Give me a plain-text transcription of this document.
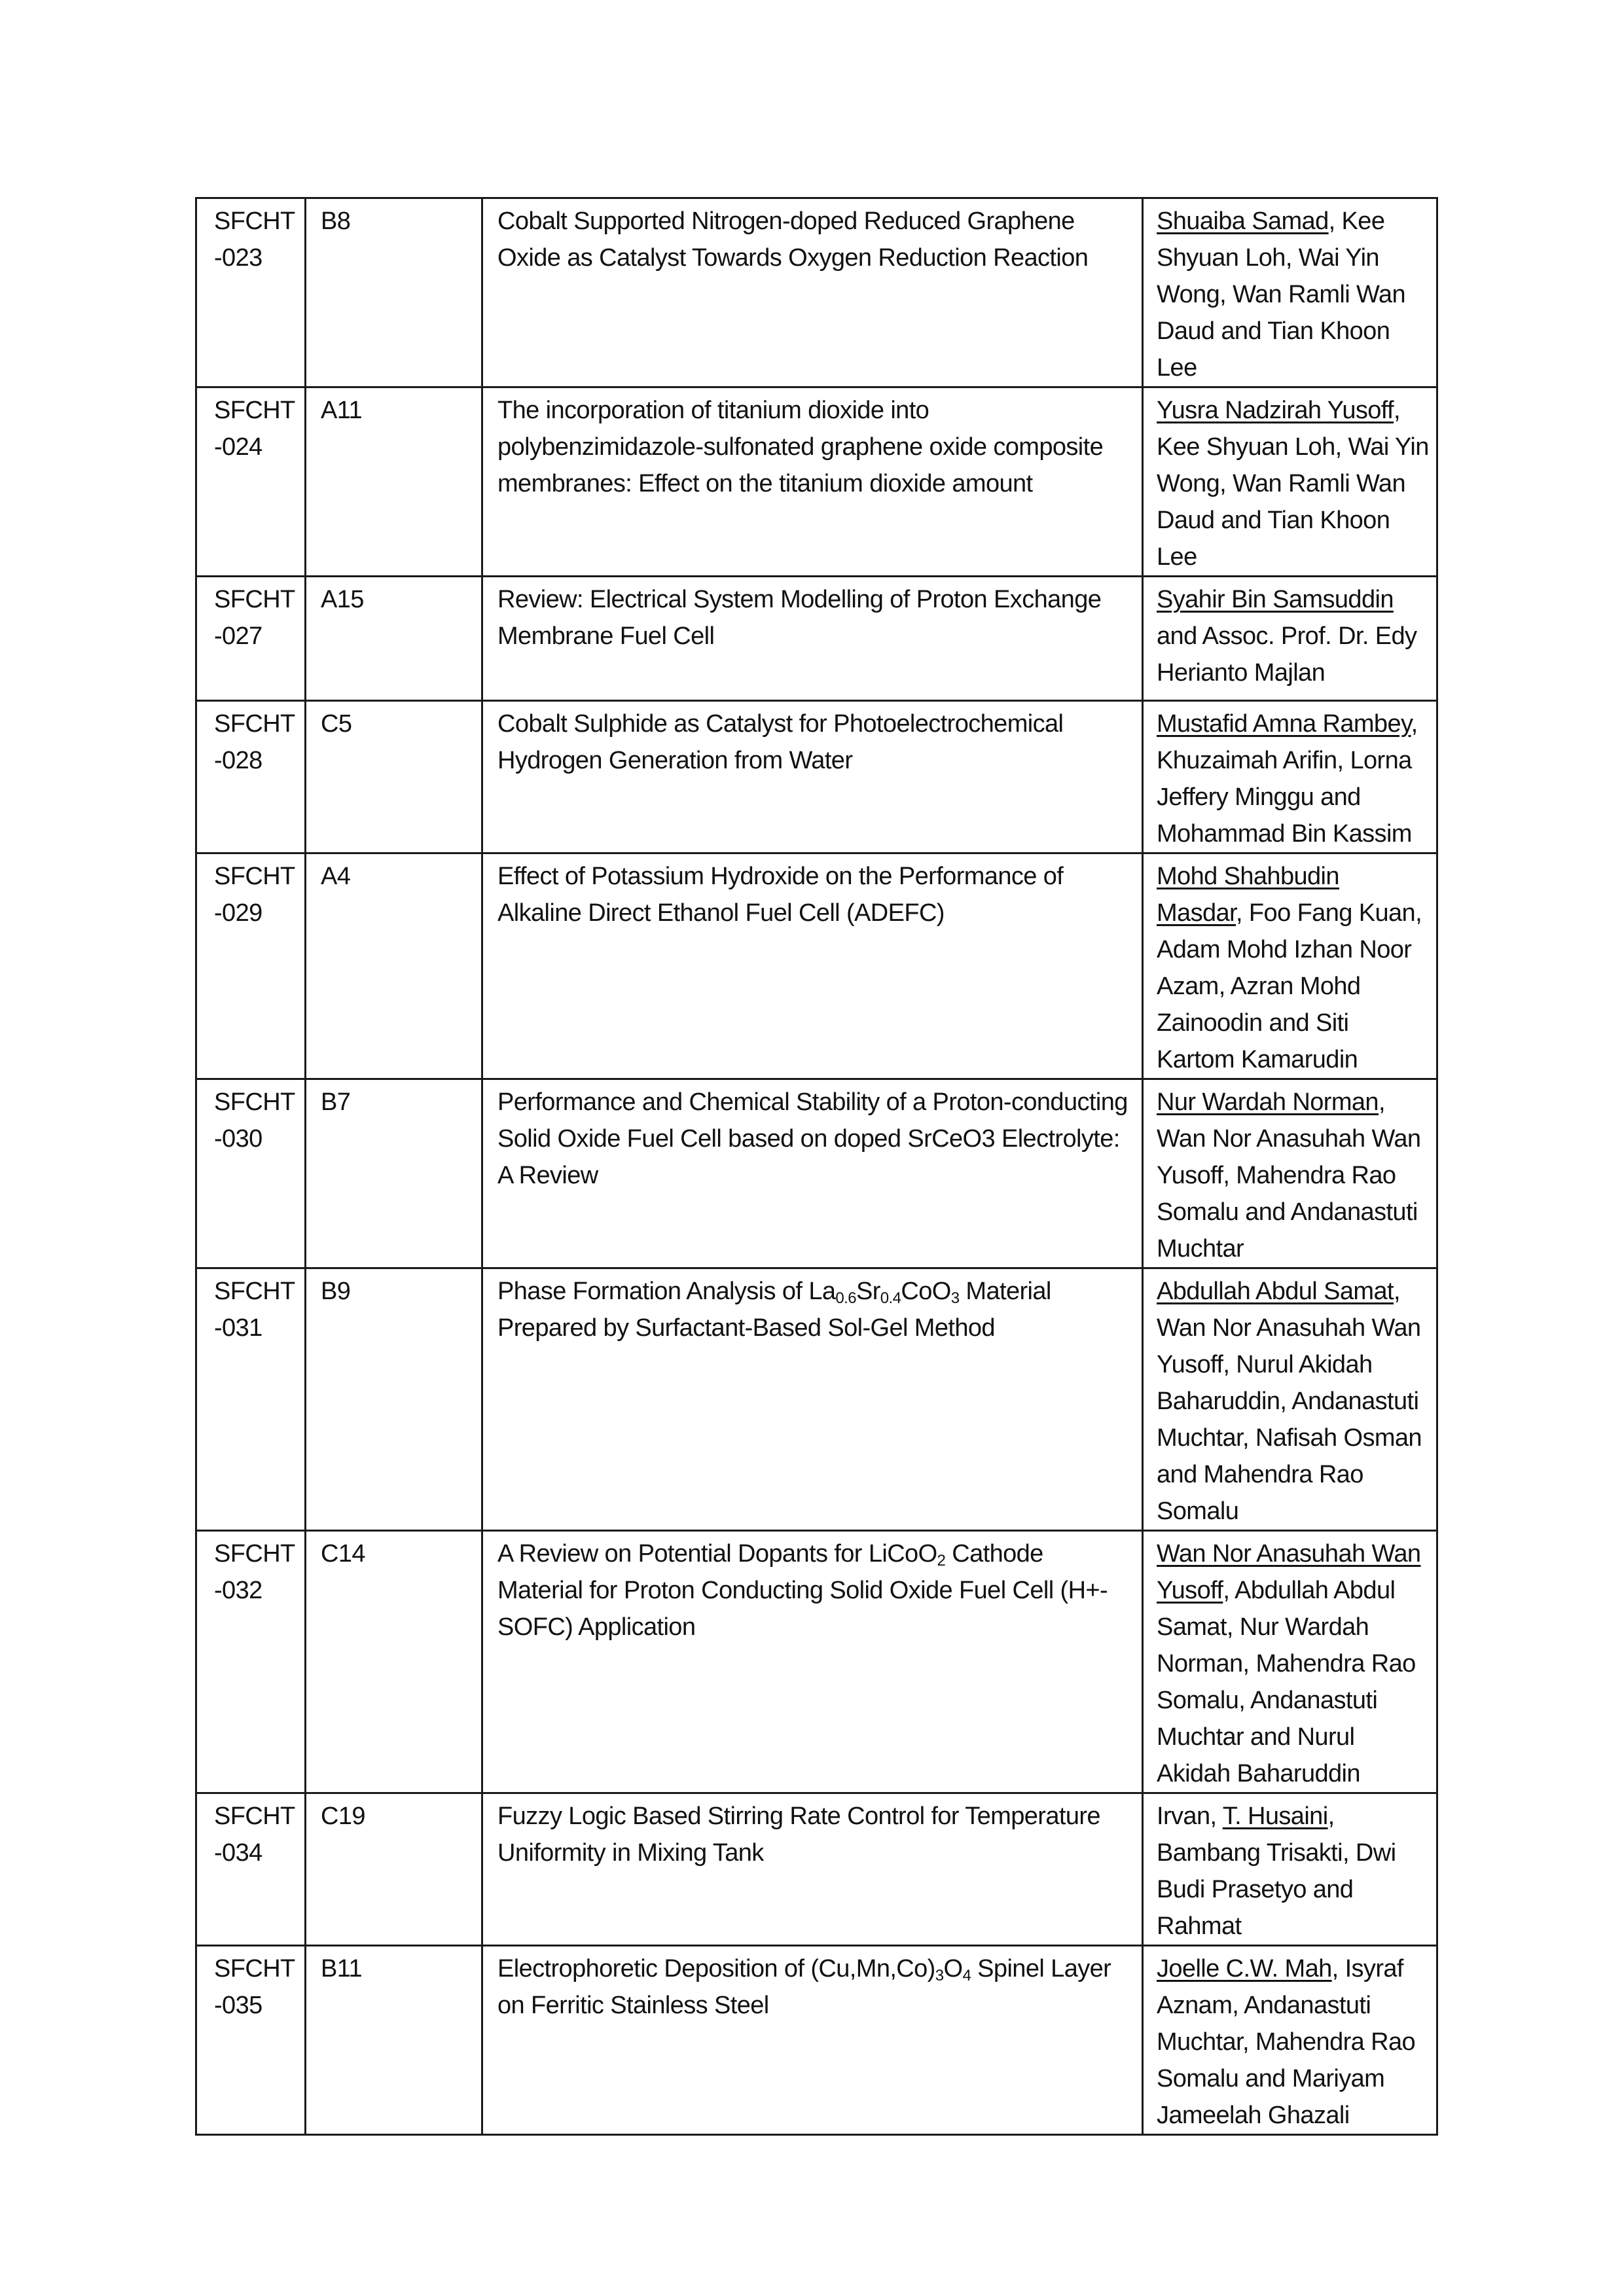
SFCHT-023	B8	Cobalt Supported Nitrogen-doped Reduced Graphene Oxide as Catalyst Towards Oxygen Reduction Reaction	Shuaiba Samad, Kee Shyuan Loh, Wai Yin Wong, Wan Ramli Wan Daud and Tian Khoon Lee
SFCHT-024	A11	The incorporation of titanium dioxide into polybenzimidazole-sulfonated graphene oxide composite membranes: Effect on the titanium dioxide amount	Yusra Nadzirah Yusoff, Kee Shyuan Loh, Wai Yin Wong, Wan Ramli Wan Daud and Tian Khoon Lee
SFCHT-027	A15	Review: Electrical System Modelling of Proton Exchange Membrane Fuel Cell	Syahir Bin Samsuddin and Assoc. Prof. Dr. Edy Herianto Majlan
SFCHT-028	C5	Cobalt Sulphide as Catalyst for Photoelectrochemical Hydrogen Generation from Water	Mustafid Amna Rambey, Khuzaimah Arifin, Lorna Jeffery Minggu and Mohammad Bin Kassim
SFCHT-029	A4	Effect of Potassium Hydroxide on the Performance of Alkaline Direct Ethanol Fuel Cell (ADEFC)	Mohd Shahbudin Masdar, Foo Fang Kuan, Adam Mohd Izhan Noor Azam, Azran Mohd Zainoodin and Siti Kartom Kamarudin
SFCHT-030	B7	Performance and Chemical Stability of a Proton-conducting Solid Oxide Fuel Cell based on doped SrCeO3 Electrolyte: A Review	Nur Wardah Norman, Wan Nor Anasuhah Wan Yusoff, Mahendra Rao Somalu and Andanastuti Muchtar
SFCHT-031	B9	Phase Formation Analysis of $La_{0.6}Sr_{0.4}CoO_3$ Material Prepared by Surfactant-Based Sol-Gel Method	Abdullah Abdul Samat, Wan Nor Anasuhah Wan Yusoff, Nurul Akidah Baharuddin, Andanastuti Muchtar, Nafisah Osman and Mahendra Rao Somalu
SFCHT-032	C14	A Review on Potential Dopants for LiCoO$_2$ Cathode Material for Proton Conducting Solid Oxide Fuel Cell (H+-SOFC) Application	Wan Nor Anasuhah Wan Yusoff, Abdullah Abdul Samat, Nur Wardah Norman, Mahendra Rao Somalu, Andanastuti Muchtar and Nurul Akidah Baharuddin
SFCHT-034	C19	Fuzzy Logic Based Stirring Rate Control for Temperature Uniformity in Mixing Tank	Irvan, T. Husaini, Bambang Trisakti, Dwi Budi Prasetyo and Rahmat
SFCHT-035	B11	Electrophoretic Deposition of $(Cu,Mn,Co)_3O_4$ Spinel Layer on Ferritic Stainless Steel	Joelle C.W. Mah, Isyraf Aznam, Andanastuti Muchtar, Mahendra Rao Somalu and Mariyam Jameelah Ghazali
